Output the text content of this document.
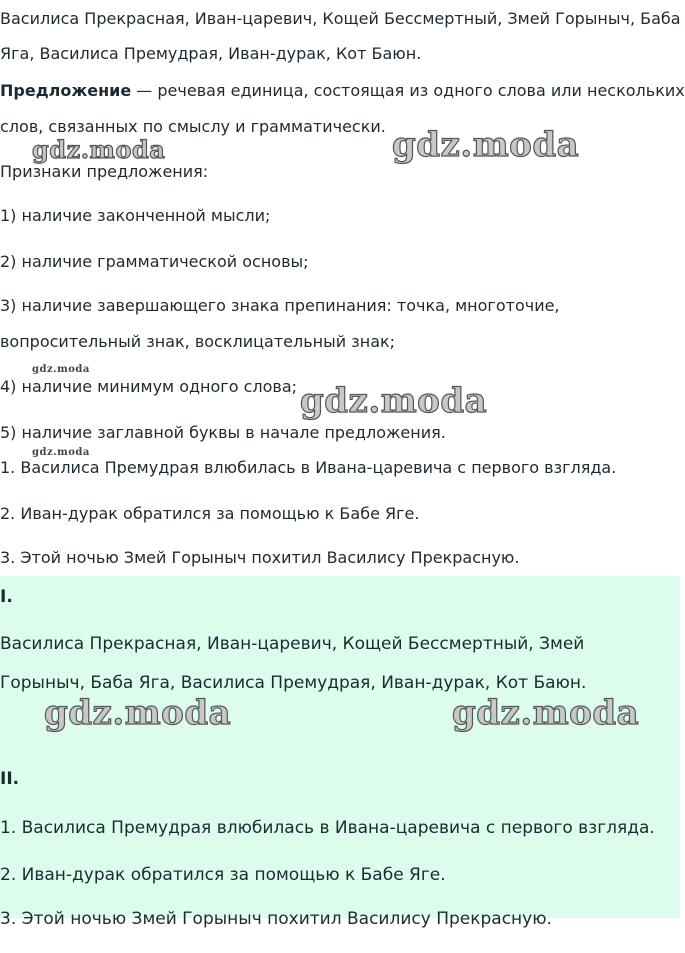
Василиса Прекрасная, Иван-царевич, Кощей Бессмертный, Змей Горыныч, Баба
Яга, Василиса Премудрая, Иван-дурак, Кот Баюн.
Предложение — речевая единица, состоящая из одного слова или нескольких
слов, связанных по смыслу и грамматически.
Признаки предложения:
1) наличие законченной мысли;
2) наличие грамматической основы;
3) наличие завершающего знака препинания: точка, многоточие,
вопросительный знак, восклицательный знак;
4) наличие минимум одного слова;
5) наличие заглавной буквы в начале предложения.
1. Василиса Премудрая влюбилась в Ивана-царевича с первого взгляда.
2. Иван-дурак обратился за помощью к Бабе Яге.
3. Этой ночью Змей Горыныч похитил Василису Прекрасную.
I.
Василиса Прекрасная, Иван-царевич, Кощей Бессмертный, Змей
Горыныч, Баба Яга, Василиса Премудрая, Иван-дурак, Кот Баюн.
II.
1. Василиса Премудрая влюбилась в Ивана-царевича с первого взгляда.
2. Иван-дурак обратился за помощью к Бабе Яге.
3. Этой ночью Змей Горыныч похитил Василису Прекрасную.
gdz.moda	gdz.moda
gdz.moda
gdz.moda
gdz.moda
gdz.moda	gdz.moda
